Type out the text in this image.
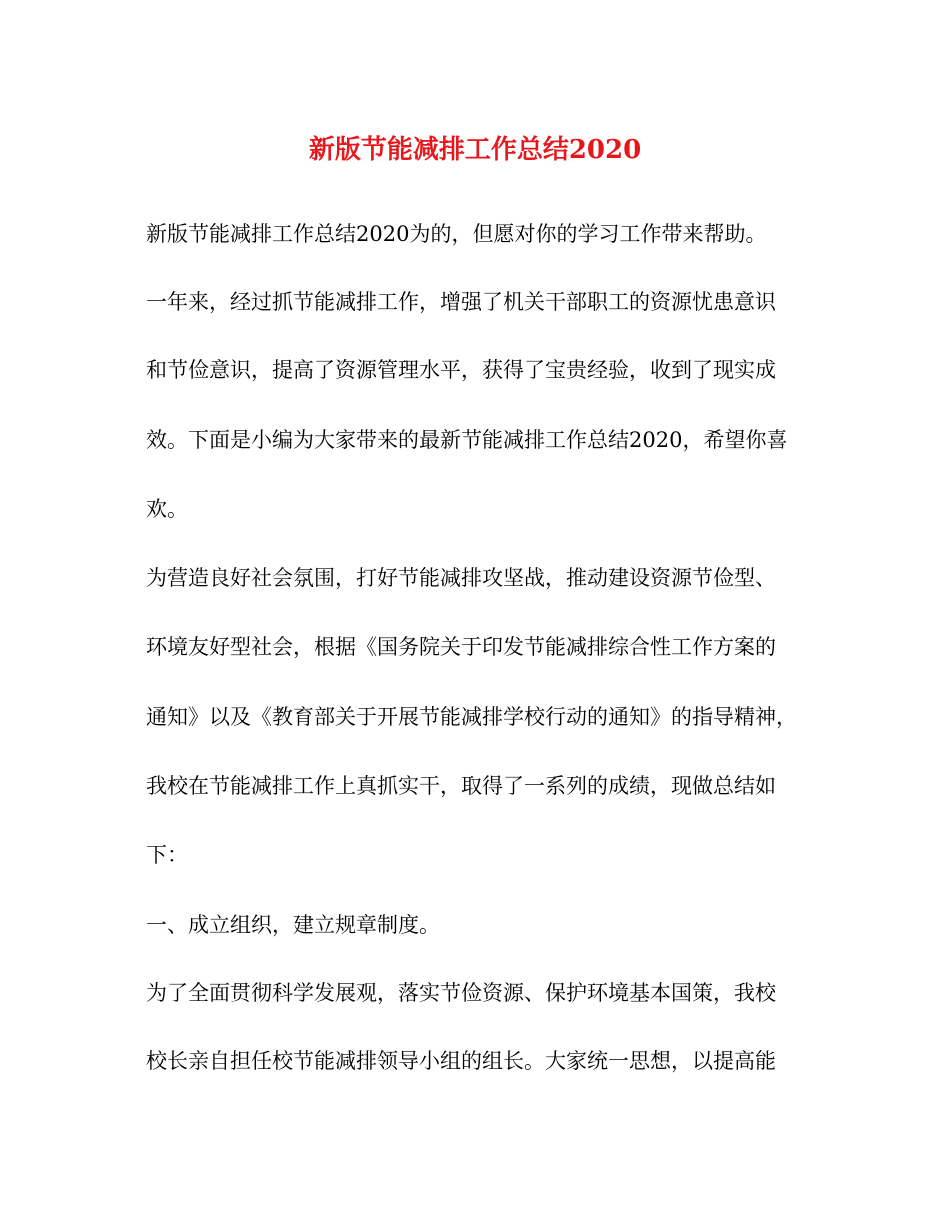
新版节能减排工作总结2020
新版节能减排工作总结2020为的，但愿对你的学习工作带来帮助。
一年来，经过抓节能减排工作，增强了机关干部职工的资源忧患意识
和节俭意识，提高了资源管理水平，获得了宝贵经验，收到了现实成
效。下面是小编为大家带来的最新节能减排工作总结2020，希望你喜
欢。
为营造良好社会氛围，打好节能减排攻坚战，推动建设资源节俭型、
环境友好型社会，根据《国务院关于印发节能减排综合性工作方案的
通知》以及《教育部关于开展节能减排学校行动的通知》的指导精神，
我校在节能减排工作上真抓实干，取得了一系列的成绩，现做总结如
下：
一、成立组织，建立规章制度。
为了全面贯彻科学发展观，落实节俭资源、保护环境基本国策，我校
校长亲自担任校节能减排领导小组的组长。大家统一思想，以提高能
